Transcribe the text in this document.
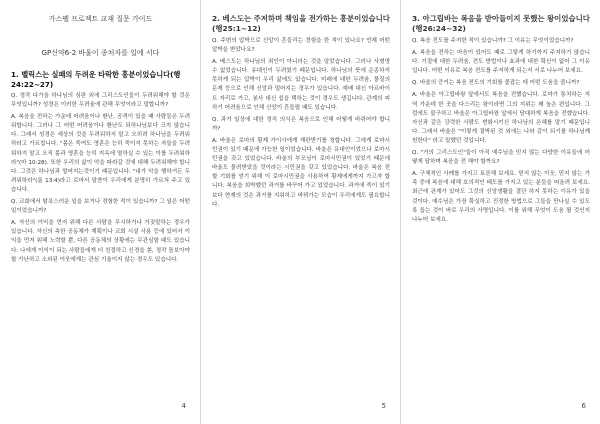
가스펠 프로젝트 교재 질문 가이드
GP신약6-2 바울이 종처자를 일에 서다
1. 벨릭스는 실패의 두려운 타락한 흥분이었습니다(행24:22~27)

Q. 정작 다가올 하나님의 심판 외에 그리스도인들이 두려워해야 할 것은 무엇입니까? 성경은 이러한 두려움에 관해 무엇이라고 말합니까?

A. 복음을 전하는 가운데 어려움이나 환난, 공격이 있을 때 사람들은 두려워합니다. 그러나 그 어떤 어려움이나 환난도 되하나님보다 크지 않습니다. 그래서 성경은 세상의 것을 두려워하지 말고 오히려 하나님을 두려워하라고 가르칩니다. "몸은 죽여도 영혼은 능히 죽이지 못하는 자들을 두려워하지 말고 오직 몸과 영혼을 능히 지옥에 멸하실 수 있는 이를 두려워하라"(마 10:28). 또한 우리의 삶이 악을 따라갈 것에 대해 두려워해야 합니다. 그것은 하나님과 멀어지는것이기 때문입니다. "내가 악을 행하거든 두려워하라"(롬 13:4)라고 로마서 말씀이 우리에게 분명히 가르쳐 주고 있습니다.

Q. 교회에서 탐욕스러운 일을 보거나 경험한 적이 있습니까? 그 일은 어떤 일이었습니까?

A. 자신의 이익을 먼저 위해 다른 사람을 무시하거나 거짓말하는 경우가 있습니다. 자신의 속한 공동체가 계획이나 교회 시설 사용 등에 있어서 이익을 먼저 위해 노력할 뿐, 다른 공동체의 상황에는 무관심할 때도 있습니다. 나에게 이익이 되는 사람들에게 더 친절하고 신경을 쏟, 정작 돌보아야 할 가난하고 소외된 이웃에게는 관심 기울이지 않는 경우도 있습니다.

4
2. 베스도는 주저하며 책임을 전가하는 흥분이었습니다(행25:1~12)

Q. 주변의 압박으로 신앙이 흔들리는 경험을 한 적이 있나요? 언제 어떤 압박을 받았나요?

A. 베스도는 하나님의 죄인이 아니라는 것을 알았습니다. 그러나 사형명 수 없었습니다. 유대인이 두려웠기 때문입니다. 하나님의 뜻에 순종하지 못하게 되는 압박이 우리 삶에도 있습니다. 미래에 대한 두려움, 물질의 문제 등으로 인해 신앙과 멀어지는 경우가 있습니다. 예배 대신 아르바이트 자리로 가고, 봉사 대신 쉼을 택하는 것이 경우도 생깁니다. 관계의 피하기 어려움으로 인해 신앙이 흔들릴 때도 있습니다.

Q. 과거 일상에 대한 정직 의식은 복음으로 인해 어떻게 바뀌어야 합니까?

A. 바울은 로마의 황제 가이사에게 재판받기를 청합니다. 그에게 로마시민권이 있기 때문에 가능한 일이었습니다. 바울은 유대인이었으나 로마시민권을 갖고 있었습니다. 바울의 부모님이 로마시민권이 있었기 때문에 바울도 물려받았을 것이라는 시민권을 갖고 있었습니다. 바울은 복음 전할 기회를 얻기 위해 이 로마시민권을 사용하여 황제에게까지 가고자 합니다. 복음을 희박했던 과거를 바꾸어 가고 있었습니다. 과거에 죽이 있기보다 현재의 것은 과거를 지워하고 바꿔가는 모습이 우리에게도 필요합니다.

5
3. 아그립바는 복음을 받아들이지 못했는 왕이었습니다(행26:24~32)

Q. 복음 전도를 주저한 적이 있습니까? 그 이유는 무엇이었습니까?

A. 복음을 전하는 마음이 있어도 때로 그렇게 하기까지 주저하기 않습니다. 거절에 대한 두려움, 전도 방법이나 효과에 대한 확신이 없어 그 이유입니다. 어떤 이유로 복음 전도를 주저하게 되는지 서로 나누어 보세요.

Q. 바울의 증거는 복음 전도의 기회를 붙잡는 데 어떤 도움을 줍니까?

A. 바울은 아그립바왕 앞에서도 복음을 전했습니다. 로마가 통치하는 지역 가운데 한 곳을 다스리는 왕이라면 그의 지위는 꽤 높은 편입니다. 그럼에도 불구하고 바울은 아그립바왕 앞에서 담대하게 복음을 전했습니다. 자신과 같은 강력한 사람도 변화시키신 하나님의 은혜를 말기 때문입니다. 그래서 바울은 "이렇게 결박된 것 외에는 나와 같이 되기를 하나님께 원한다" 라고 말했던 것입니다.

Q. "거의 그리스도인"들이 아직 예수님을 믿지 않는 다양한 이유들에 어떻게 답하며 복음을 전 해야 할까요?

A. 구체적인 사례를 가지고 토론해 보세요. 믿지 않는 이웃, 믿지 않는 가족 중에 복음에 대해 호의적인 태도를 가지고 있는 분들을 떠올려 보세요. 최근에 관계가 있어도 그것의 신앙생활을 결단 하지 못하는 이유가 있을 것이다. 예수님은 가장 확실하고 진정한 방법으로 그들을 만나실 수 있도록 돕는 것이 바로 우리의 사명입니다. 이를 위해 무엇이 도움 될 것인지 나누어 보세요.

6
